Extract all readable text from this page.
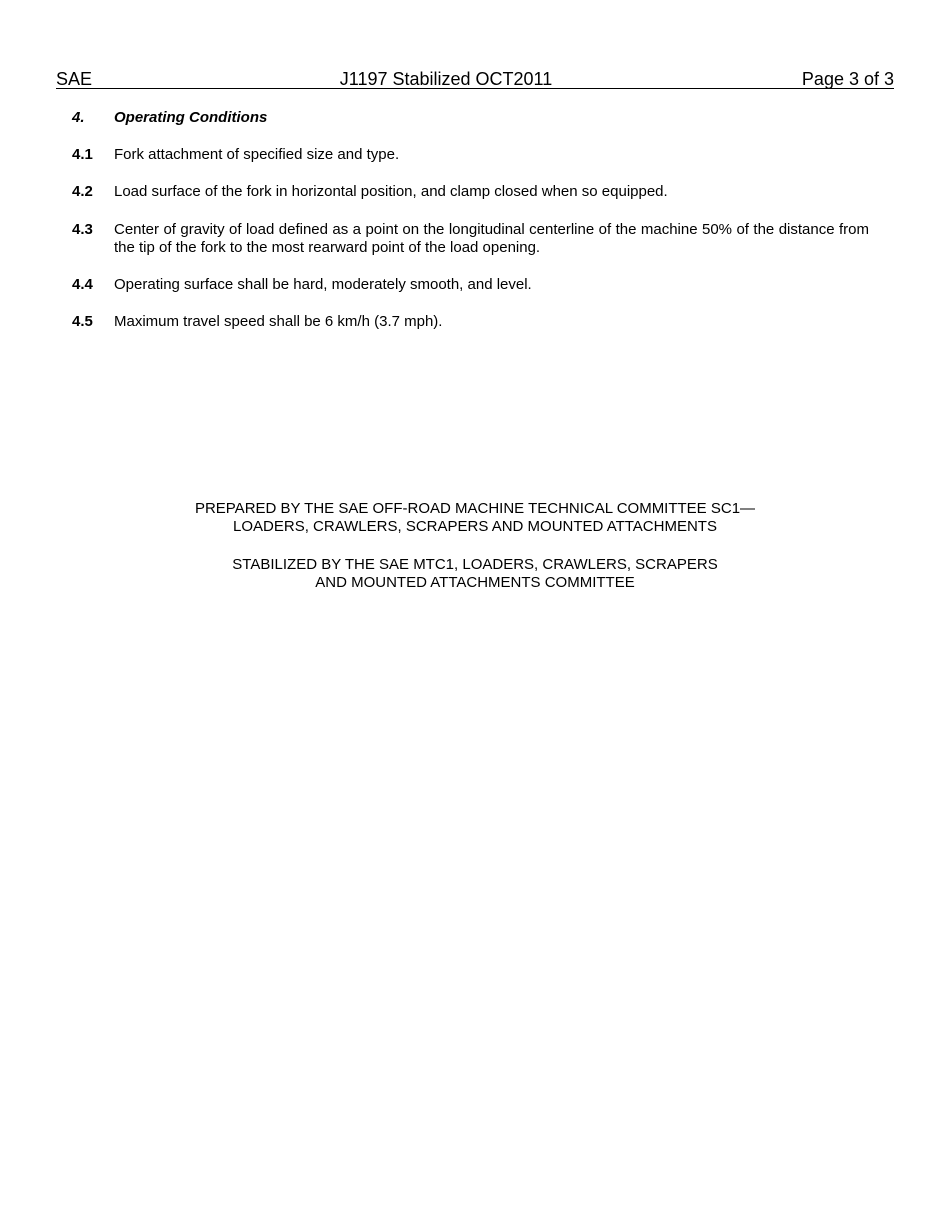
SAE	J1197 Stabilized OCT2011	Page 3 of 3
4. Operating Conditions
4.1 Fork attachment of specified size and type.
4.2 Load surface of the fork in horizontal position, and clamp closed when so equipped.
4.3 Center of gravity of load defined as a point on the longitudinal centerline of the machine 50% of the distance from the tip of the fork to the most rearward point of the load opening.
4.4 Operating surface shall be hard, moderately smooth, and level.
4.5 Maximum travel speed shall be 6 km/h (3.7 mph).
PREPARED BY THE SAE OFF-ROAD MACHINE TECHNICAL COMMITTEE SC1—
LOADERS, CRAWLERS, SCRAPERS AND MOUNTED ATTACHMENTS
STABILIZED BY THE SAE MTC1, LOADERS, CRAWLERS, SCRAPERS
AND MOUNTED ATTACHMENTS COMMITTEE
